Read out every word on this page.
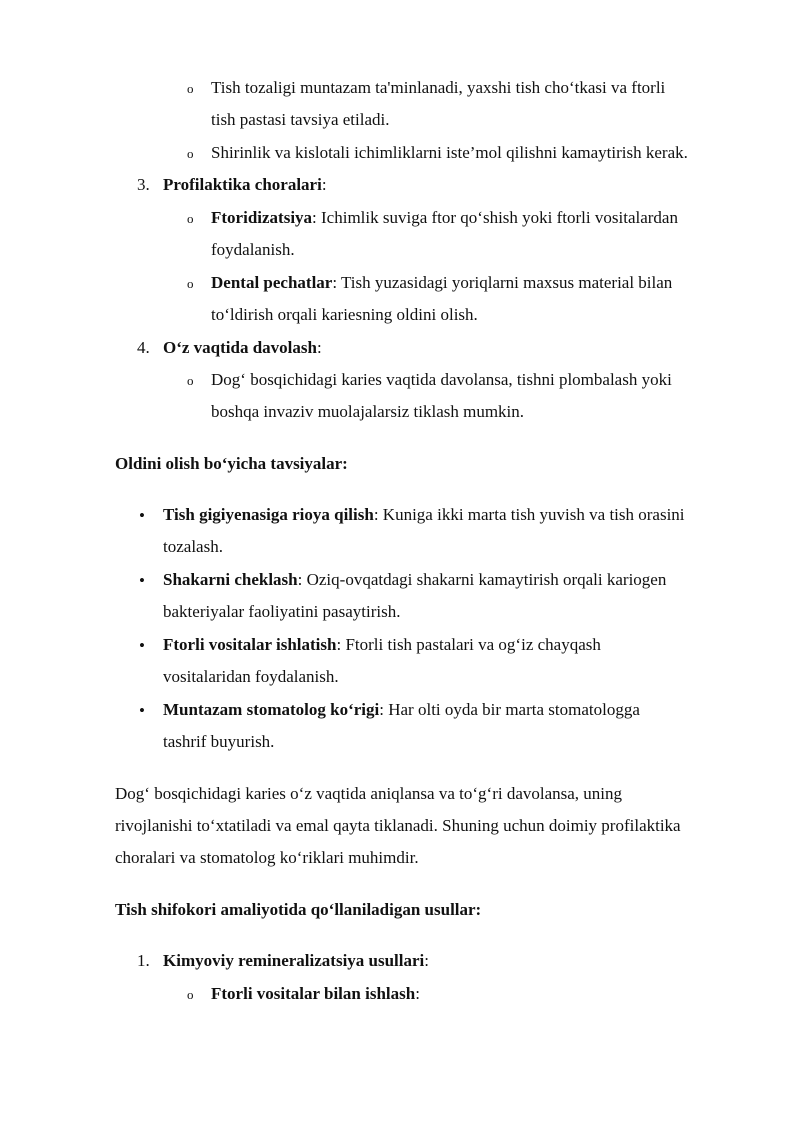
o Tish tozaligi muntazam ta'minlanadi, yaxshi tish cho‘tkasi va ftorli
tish pastasi tavsiya etiladi.
o Shirinlik va kislotali ichimliklarni iste’mol qilishni kamaytirish kerak.
3. Profilaktika choralari:
o Ftoridizatsiya: Ichimlik suviga ftor qo‘shish yoki ftorli vositalardan
foydalanish.
o Dental pechatlar: Tish yuzasidagi yoriqlarni maxsus material bilan
to‘ldirish orqali kariesning oldini olish.
4. O‘z vaqtida davolash:
o Dog‘ bosqichidagi karies vaqtida davolansa, tishni plombalash yoki
boshqa invaziv muolajalarsiz tiklash mumkin.
Oldini olish bo‘yicha tavsiyalar:
• Tish gigiyenasiga rioya qilish: Kuniga ikki marta tish yuvish va tish orasini
tozalash.
• Shakarni cheklash: Oziq-ovqatdagi shakarni kamaytirish orqali kariogen
bakteriyalar faoliyatini pasaytirish.
• Ftorli vositalar ishlatish: Ftorli tish pastalari va og‘iz chayqash
vositalaridan foydalanish.
• Muntazam stomatolog ko‘rigi: Har olti oyda bir marta stomatologga
tashrif buyurish.
Dog‘ bosqichidagi karies o‘z vaqtida aniqlansa va to‘g‘ri davolansa, uning
rivojlanishi to‘xtatiladi va emal qayta tiklanadi. Shuning uchun doimiy profilaktika
choralari va stomatolog ko‘riklari muhimdir.
Tish shifokori amaliyotida qo‘llaniladigan usullar:
1. Kimyoviy remineralizatsiya usullari:
o Ftorli vositalar bilan ishlash:
